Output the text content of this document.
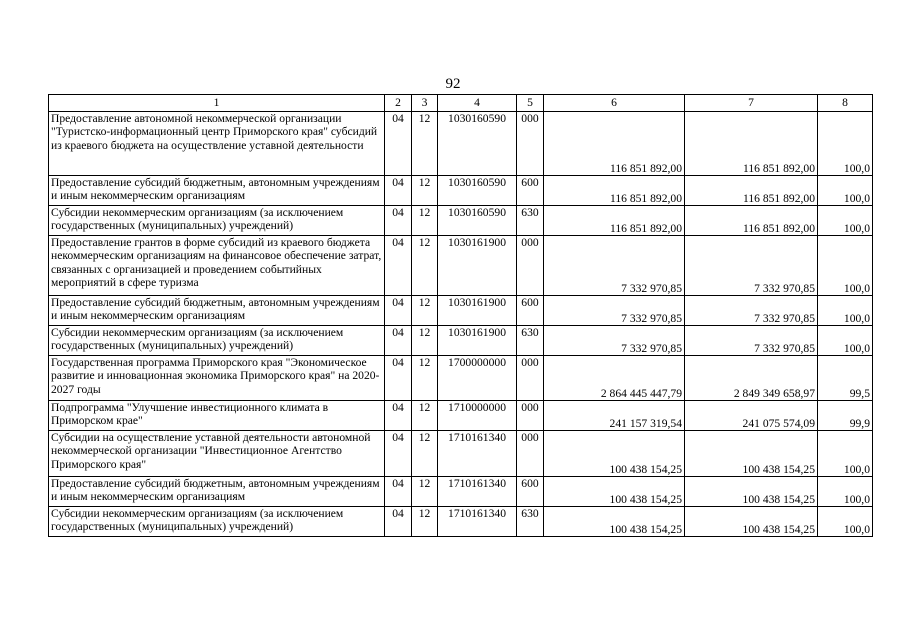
92
1	2	3	4	5	6	7	8
Предоставление автономной некоммерческой организации "Туристско-информационный центр Приморского края" субсидий из краевого бюджета на осуществление уставной деятельности	04	12	1030160590	000	116 851 892,00	116 851 892,00	100,0
Предоставление субсидий бюджетным, автономным учреждениям и иным некоммерческим организациям	04	12	1030160590	600	116 851 892,00	116 851 892,00	100,0
Субсидии некоммерческим организациям (за исключением государственных (муниципальных) учреждений)	04	12	1030160590	630	116 851 892,00	116 851 892,00	100,0
Предоставление грантов в форме субсидий из краевого бюджета некоммерческим организациям на финансовое обеспечение затрат, связанных с организацией и проведением событийных мероприятий в сфере туризма	04	12	1030161900	000	7 332 970,85	7 332 970,85	100,0
Предоставление субсидий бюджетным, автономным учреждениям и иным некоммерческим организациям	04	12	1030161900	600	7 332 970,85	7 332 970,85	100,0
Субсидии некоммерческим организациям (за исключением государственных (муниципальных) учреждений)	04	12	1030161900	630	7 332 970,85	7 332 970,85	100,0
Государственная программа Приморского края "Экономическое развитие и инновационная экономика Приморского края" на 2020-2027 годы	04	12	1700000000	000	2 864 445 447,79	2 849 349 658,97	99,5
Подпрограмма "Улучшение инвестиционного климата в Приморском крае"	04	12	1710000000	000	241 157 319,54	241 075 574,09	99,9
Субсидии на осуществление уставной деятельности автономной некоммерческой организации "Инвестиционное Агентство Приморского края"	04	12	1710161340	000	100 438 154,25	100 438 154,25	100,0
Предоставление субсидий бюджетным, автономным учреждениям и иным некоммерческим организациям	04	12	1710161340	600	100 438 154,25	100 438 154,25	100,0
Субсидии некоммерческим организациям (за исключением государственных (муниципальных) учреждений)	04	12	1710161340	630	100 438 154,25	100 438 154,25	100,0
